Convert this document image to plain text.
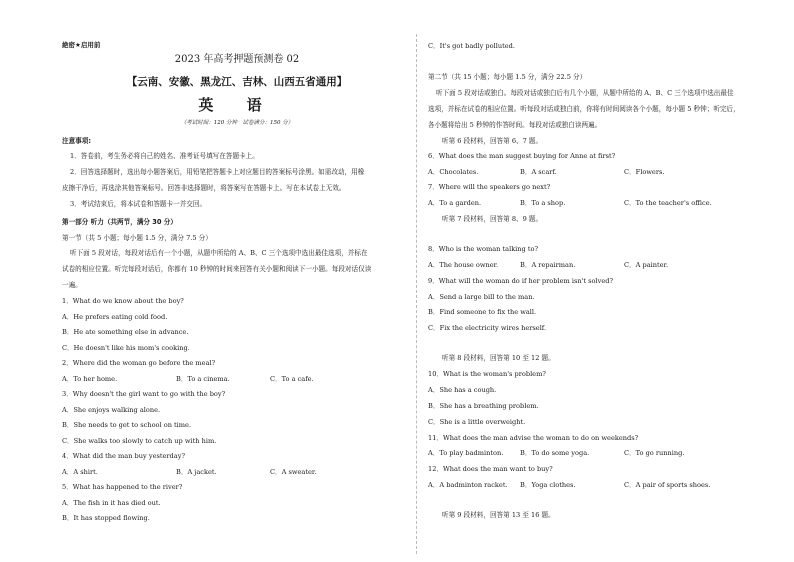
絶密★启用前
2023 年高考押题预测卷 02
【云南、安徽、黑龙江、吉林、山西五省通用】
英 语
（考试时间：120 分钟　试卷满分：150 分）
注意事项:
1．答卷前，考生务必将自己的姓名、准考证号填写在答题卡上。
2．回答选择题时，选出每小题答案后，用铅笔把答题卡上对应题目的答案标号涂黑。如需改动，用橡
皮擦干净后，再选涂其他答案标号。回答非选择题时，将答案写在答题卡上。写在本试卷上无效。
3．考试结束后，将本试卷和答题卡一并交回。
第一部分 听力（共两节，满分 30 分）
第一节（共 5 小题；每小题 1.5 分，满分 7.5 分）
听下面 5 段对话，每段对话后有一个小题，从题中所给的 A、B、C 三个选项中选出最佳选项，并标在
试卷的相应位置。听完每段对话后，你都有 10 秒钟的时间来回答有关小题和阅读下一小题。每段对话仅读
一遍。
1．What do we know about the boy?
A．He prefers eating cold food.
B．He ate something else in advance.
C．He doesn't like his mom's cooking.
2．Where did the woman go before the meal?
A．To her home.	B．To a cinema.	C．To a cafe.
3．Why doesn't the girl want to go with the boy?
A．She enjoys walking alone.
B．She needs to get to school on time.
C．She walks too slowly to catch up with him.
4．What did the man buy yesterday?
A．A shirt.	B．A jacket.	C．A sweater.
5．What has happened to the river?
A．The fish in it has died out.
B．It has stopped flowing.
C．It's got badly polluted.
第二节（共 15 小题；每小题 1.5 分，满分 22.5 分）
听下面 5 段对话或独白。每段对话或独白后有几个小题，从题中所给的 A、B、C 三个选项中选出最佳
选项，并标在试卷的相应位置。听每段对话或独白前，你将有时间阅读各个小题，每小题 5 秒钟；听完后，
各小题将给出 5 秒钟的作答时间。每段对话或独白读两遍。
听第 6 段材料，回答第 6、7 题。
6．What does the man suggest buying for Anne at first?
A．Chocolates.	B．A scarf.	C．Flowers.
7．Where will the speakers go next?
A．To a garden.	B．To a shop.	C．To the teacher's office.
听第 7 段材料，回答第 8、9 题。
8．Who is the woman talking to?
A．The house owner.	B．A repairman.	C．A painter.
9．What will the woman do if her problem isn't solved?
A．Send a large bill to the man.
B．Find someone to fix the wall.
C．Fix the electricity wires herself.
听第 8 段材料，回答第 10 至 12 题。
10．What is the woman's problem?
A．She has a cough.
B．She has a breathing problem.
C．She is a little overweight.
11．What does the man advise the woman to do on weekends?
A．To play badminton.	B．To do some yoga.	C．To go running.
12．What does the man want to buy?
A．A badminton racket. B．Yoga clothes.	C．A pair of sports shoes.
听第 9 段材料，回答第 13 至 16 题。
